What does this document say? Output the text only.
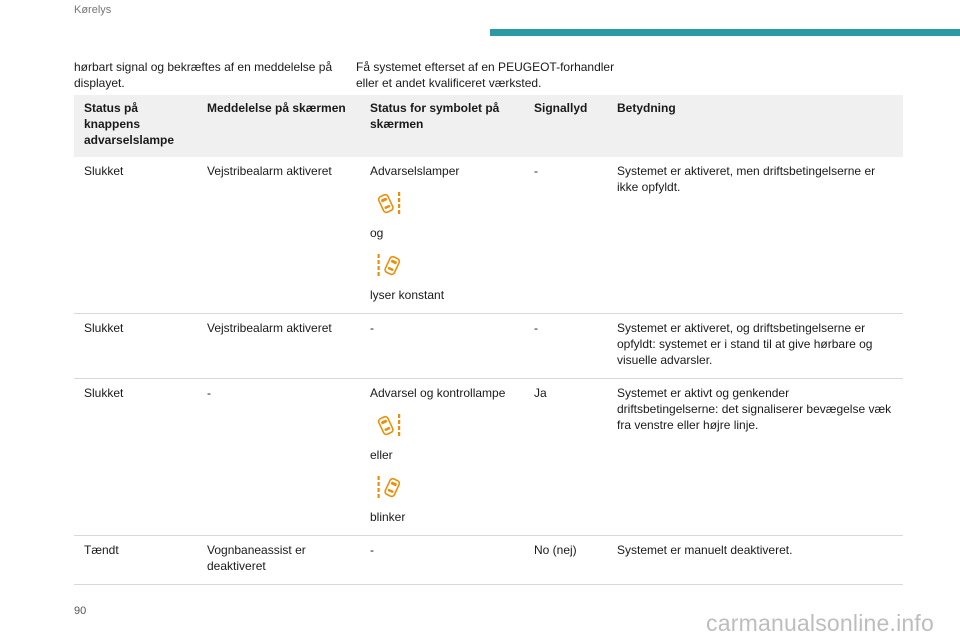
Kørelys
hørbart signal og bekræftes af en meddelelse på displayet.
Få systemet efterset af en PEUGEOT-forhandler eller et andet kvalificeret værksted.
Status på knappens advarselslampe	Meddelelse på skærmen	Status for symbolet på skærmen	Signallyd	Betydning
Slukket	Vejstribealarm aktiveret	Advarselslamper
og
lyser konstant	-	Systemet er aktiveret, men driftsbetingelserne er ikke opfyldt.
Slukket	Vejstribealarm aktiveret	-	-	Systemet er aktiveret, og driftsbetingelserne er opfyldt: systemet er i stand til at give hørbare og visuelle advarsler.
Slukket	-	Advarsel og kontrollampe
eller
blinker	Ja	Systemet er aktivt og genkender driftsbetingelserne: det signaliserer bevægelse væk fra venstre eller højre linje.
Tændt	Vognbaneassist er deaktiveret	-	No (nej)	Systemet er manuelt deaktiveret.
90	carmanualsonline.info
